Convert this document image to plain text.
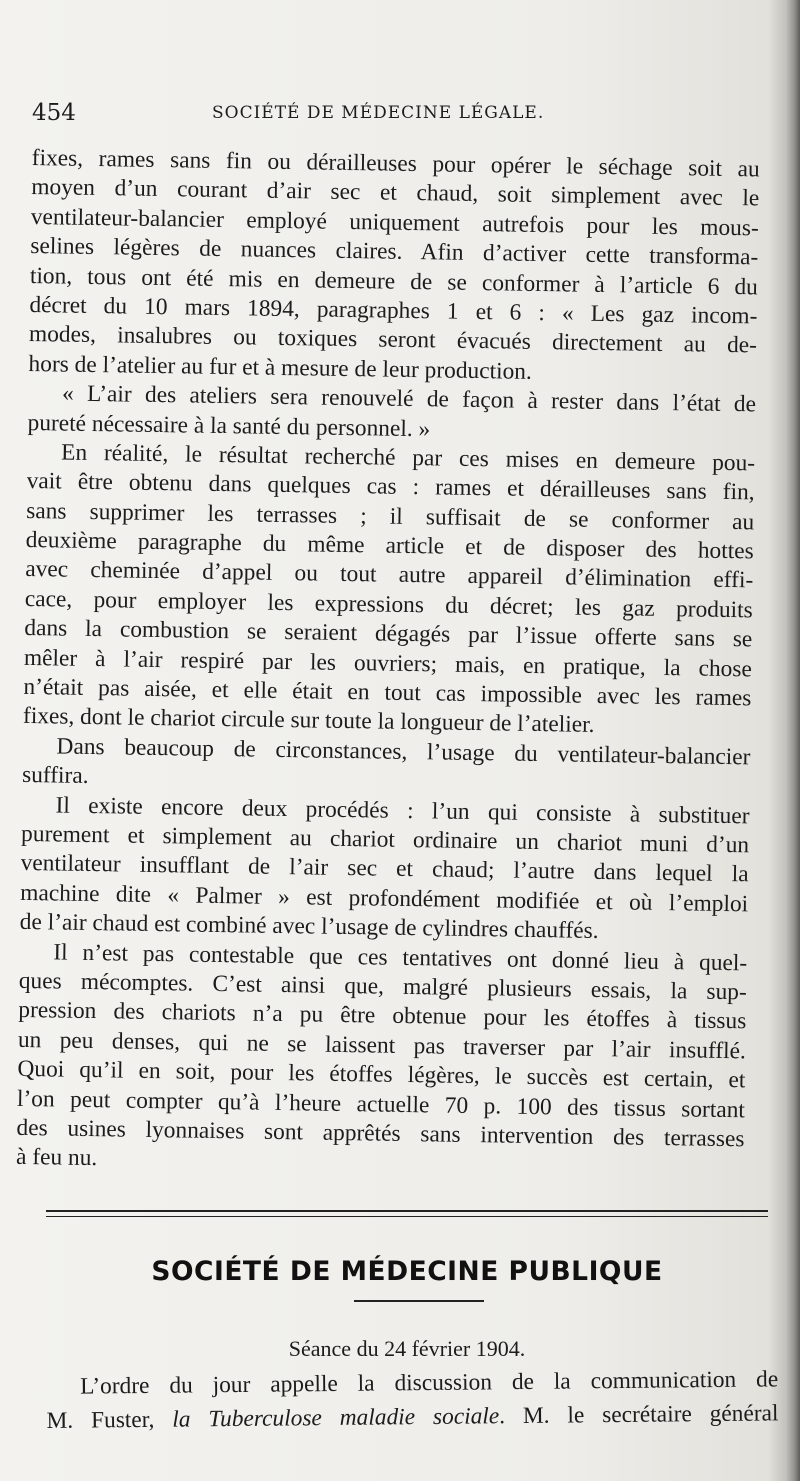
454	SOCIÉTÉ DE MÉDECINE LÉGALE.
fixes, rames sans fin ou dérailleuses pour opérer le séchage soit au
moyen d’un courant d’air sec et chaud, soit simplement avec le
ventilateur-balancier employé uniquement autrefois pour les mous-
selines légères de nuances claires. Afin d’activer cette transforma-
tion, tous ont été mis en demeure de se conformer à l’article 6 du
décret du 10 mars 1894, paragraphes 1 et 6 : « Les gaz incom-
modes, insalubres ou toxiques seront évacués directement au de-
hors de l’atelier au fur et à mesure de leur production.
« L’air des ateliers sera renouvelé de façon à rester dans l’état de
pureté nécessaire à la santé du personnel. »
En réalité, le résultat recherché par ces mises en demeure pou-
vait être obtenu dans quelques cas : rames et dérailleuses sans fin,
sans supprimer les terrasses ; il suffisait de se conformer au
deuxième paragraphe du même article et de disposer des hottes
avec cheminée d’appel ou tout autre appareil d’élimination effi-
cace, pour employer les expressions du décret; les gaz produits
dans la combustion se seraient dégagés par l’issue offerte sans se
mêler à l’air respiré par les ouvriers; mais, en pratique, la chose
n’était pas aisée, et elle était en tout cas impossible avec les rames
fixes, dont le chariot circule sur toute la longueur de l’atelier.
Dans beaucoup de circonstances, l’usage du ventilateur-balancier
suffira.
Il existe encore deux procédés : l’un qui consiste à substituer
purement et simplement au chariot ordinaire un chariot muni d’un
ventilateur insufflant de l’air sec et chaud; l’autre dans lequel la
machine dite « Palmer » est profondément modifiée et où l’emploi
de l’air chaud est combiné avec l’usage de cylindres chauffés.
Il n’est pas contestable que ces tentatives ont donné lieu à quel-
ques mécomptes. C’est ainsi que, malgré plusieurs essais, la sup-
pression des chariots n’a pu être obtenue pour les étoffes à tissus
un peu denses, qui ne se laissent pas traverser par l’air insufflé.
Quoi qu’il en soit, pour les étoffes légères, le succès est certain, et
l’on peut compter qu’à l’heure actuelle 70 p. 100 des tissus sortant
des usines lyonnaises sont apprêtés sans intervention des terrasses
à feu nu.
SOCIÉTÉ DE MÉDECINE PUBLIQUE
Séance du 24 février 1904.
L’ordre du jour appelle la discussion de la communication de
M. Fuster, la Tuberculose maladie sociale. M. le secrétaire général
